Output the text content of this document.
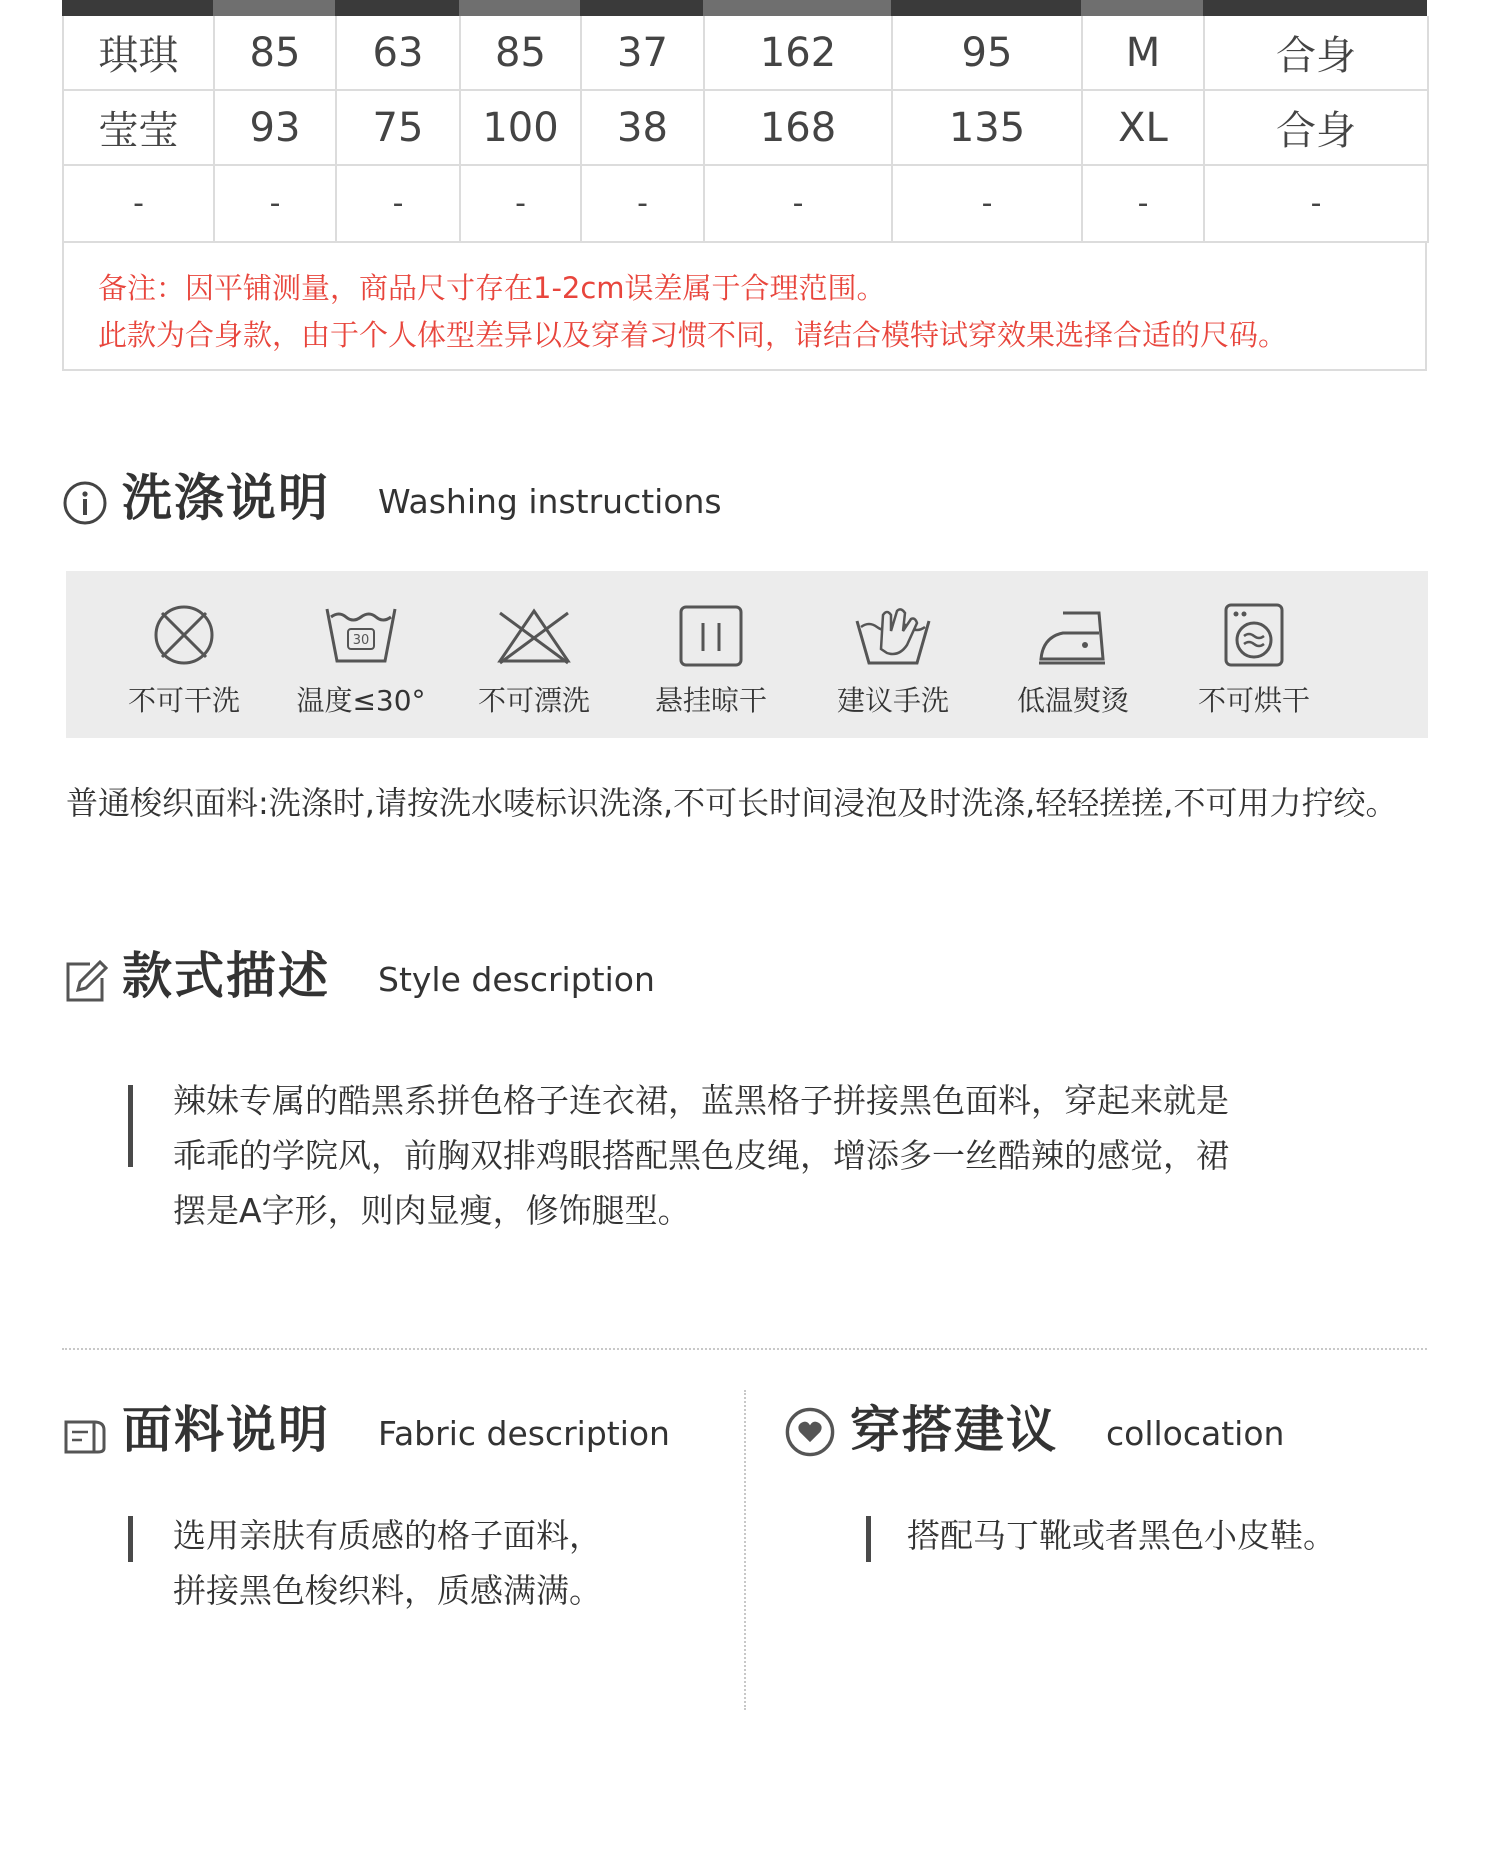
琪琪	85	63	85	37	162	95	M	合身
莹莹	93	75	100	38	168	135	XL	合身
-	-	-	-	-	-	-	-	-
备注：因平铺测量，商品尺寸存在1-2cm误差属于合理范围。
此款为合身款，由于个人体型差异以及穿着习惯不同，请结合模特试穿效果选择合适的尺码。
洗涤说明 Washing instructions
不可干洗
30
温度≤30°	不可漂洗	悬挂晾干	建议手洗	低温熨烫	不可烘干
普通梭织面料:洗涤时,请按洗水唛标识洗涤,不可长时间浸泡及时洗涤,轻轻搓搓,不可用力拧绞。
款式描述 Style description
辣妹专属的酷黑系拼色格子连衣裙，蓝黑格子拼接黑色面料，穿起来就是
乖乖的学院风，前胸双排鸡眼搭配黑色皮绳，增添多一丝酷辣的感觉，裙
摆是A字形，则肉显瘦，修饰腿型。
面料说明 Fabric description
选用亲肤有质感的格子面料，
拼接黑色梭织料，质感满满。
穿搭建议 collocation
搭配马丁靴或者黑色小皮鞋。
